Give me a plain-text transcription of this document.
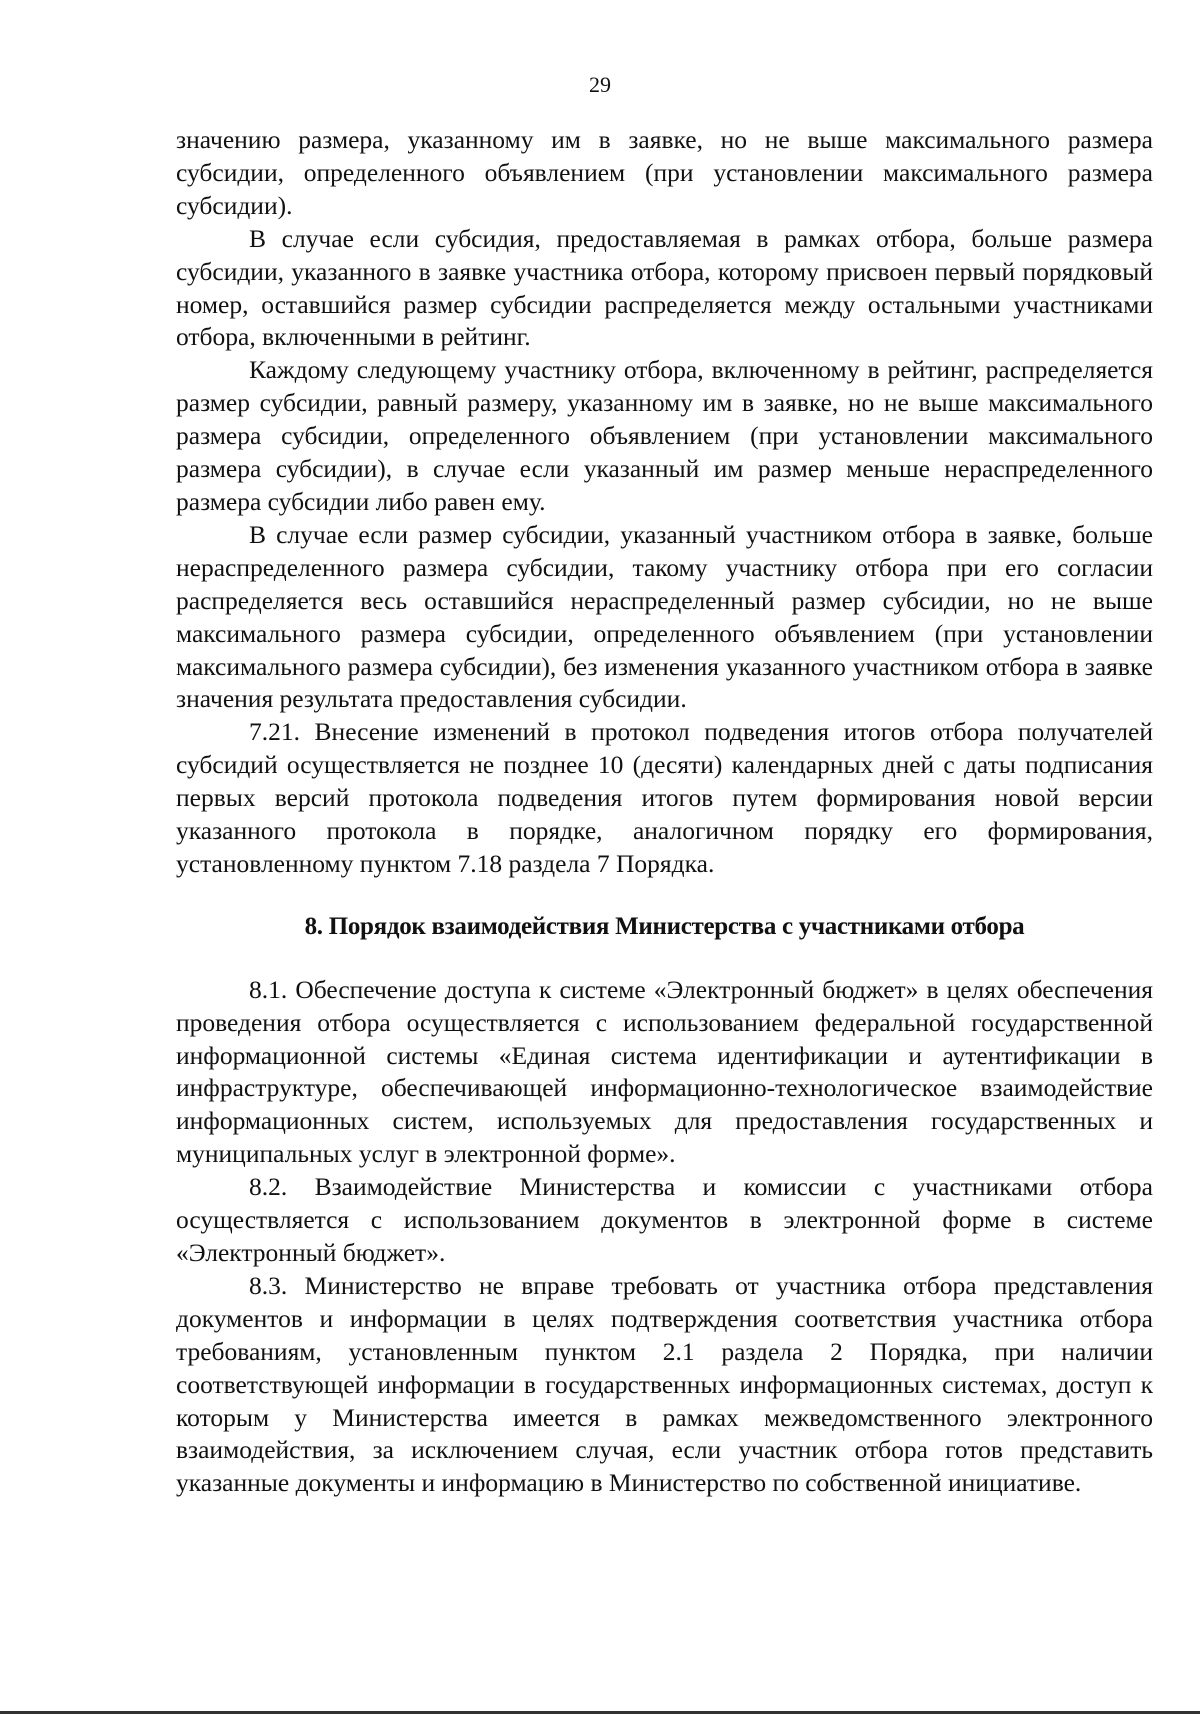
29

значению размера, указанному им в заявке, но не выше максимального размера субсидии, определенного объявлением (при установлении максимального размера субсидии).

В случае если субсидия, предоставляемая в рамках отбора, больше размера субсидии, указанного в заявке участника отбора, которому присвоен первый порядковый номер, оставшийся размер субсидии распределяется между остальными участниками отбора, включенными в рейтинг.

Каждому следующему участнику отбора, включенному в рейтинг, распределяется размер субсидии, равный размеру, указанному им в заявке, но не выше максимального размера субсидии, определенного объявлением (при установлении максимального размера субсидии), в случае если указанный им размер меньше нераспределенного размера субсидии либо равен ему.

В случае если размер субсидии, указанный участником отбора в заявке, больше нераспределенного размера субсидии, такому участнику отбора при его согласии распределяется весь оставшийся нераспределенный размер субсидии, но не выше максимального размера субсидии, определенного объявлением (при установлении максимального размера субсидии), без изменения указанного участником отбора в заявке значения результата предоставления субсидии.

7.21. Внесение изменений в протокол подведения итогов отбора получателей субсидий осуществляется не позднее 10 (десяти) календарных дней с даты подписания первых версий протокола подведения итогов путем формирования новой версии указанного протокола в порядке, аналогичном порядку его формирования, установленному пунктом 7.18 раздела 7 Порядка.

8. Порядок взаимодействия Министерства с участниками отбора

8.1. Обеспечение доступа к системе «Электронный бюджет» в целях обеспечения проведения отбора осуществляется с использованием федеральной государственной информационной системы «Единая система идентификации и аутентификации в инфраструктуре, обеспечивающей информационно-технологическое взаимодействие информационных систем, используемых для предоставления государственных и муниципальных услуг в электронной форме».

8.2. Взаимодействие Министерства и комиссии с участниками отбора осуществляется с использованием документов в электронной форме в системе «Электронный бюджет».

8.3. Министерство не вправе требовать от участника отбора представления документов и информации в целях подтверждения соответствия участника отбора требованиям, установленным пунктом 2.1 раздела 2 Порядка, при наличии соответствующей информации в государственных информационных системах, доступ к которым у Министерства имеется в рамках межведомственного электронного взаимодействия, за исключением случая, если участник отбора готов представить указанные документы и информацию в Министерство по собственной инициативе.
